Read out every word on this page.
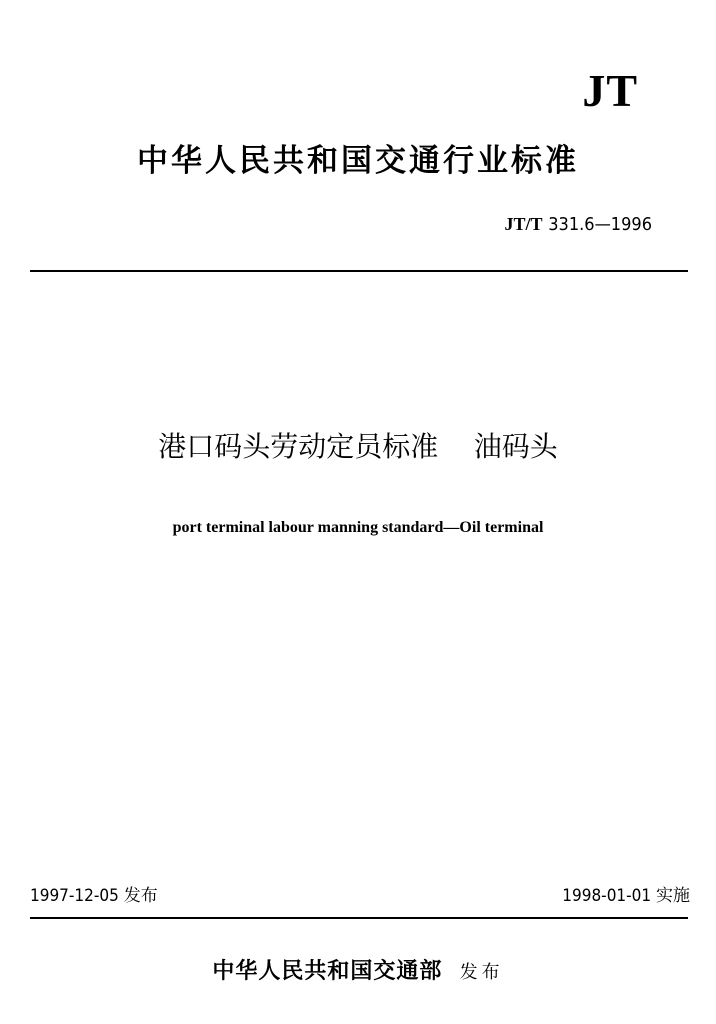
JT
中华人民共和国交通行业标准
JT/T 331.6—1996
港口码头劳动定员标准    油码头
port terminal labour manning standard—Oil terminal
1997-12-05 发布	1998-01-01 实施
中华人民共和国交通部 发布
